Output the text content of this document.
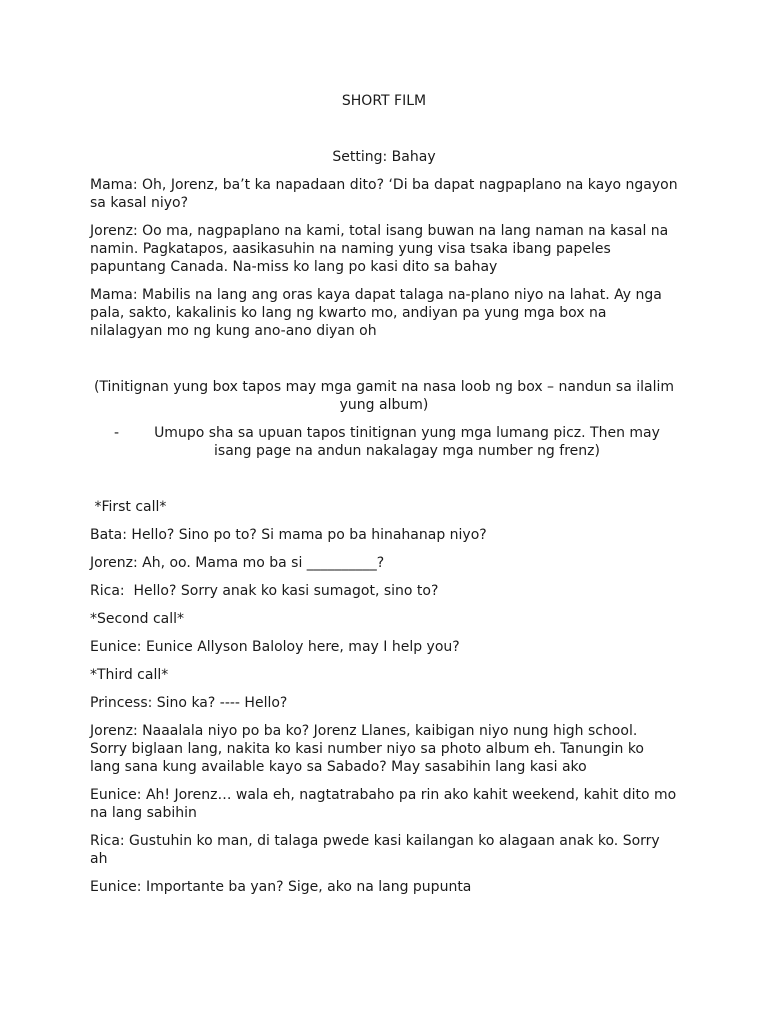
SHORT FILM

Setting: Bahay

Mama: Oh, Jorenz, ba’t ka napadaan dito? ‘Di ba dapat nagpaplano na kayo ngayon sa kasal niyo?

Jorenz: Oo ma, nagpaplano na kami, total isang buwan na lang naman na kasal na namin. Pagkatapos, aasikasuhin na naming yung visa tsaka ibang papeles papuntang Canada. Na-miss ko lang po kasi dito sa bahay

Mama: Mabilis na lang ang oras kaya dapat talaga na-plano niyo na lahat. Ay nga pala, sakto, kakalinis ko lang ng kwarto mo, andiyan pa yung mga box na nilalagyan mo ng kung ano-ano diyan oh

(Tinitignan yung box tapos may mga gamit na nasa loob ng box – nandun sa ilalim yung album)

-	Umupo sha sa upuan tapos tinitignan yung mga lumang picz. Then may isang page na andun nakalagay mga number ng frenz)

*First call*

Bata: Hello? Sino po to? Si mama po ba hinahanap niyo?

Jorenz: Ah, oo. Mama mo ba si __________?

Rica:  Hello? Sorry anak ko kasi sumagot, sino to?

*Second call*

Eunice: Eunice Allyson Baloloy here, may I help you?

*Third call*

Princess: Sino ka? ---- Hello?

Jorenz: Naaalala niyo po ba ko? Jorenz Llanes, kaibigan niyo nung high school. Sorry biglaan lang, nakita ko kasi number niyo sa photo album eh. Tanungin ko lang sana kung available kayo sa Sabado? May sasabihin lang kasi ako

Eunice: Ah! Jorenz… wala eh, nagtatrabaho pa rin ako kahit weekend, kahit dito mo na lang sabihin

Rica: Gustuhin ko man, di talaga pwede kasi kailangan ko alagaan anak ko. Sorry ah

Eunice: Importante ba yan? Sige, ako na lang pupunta
